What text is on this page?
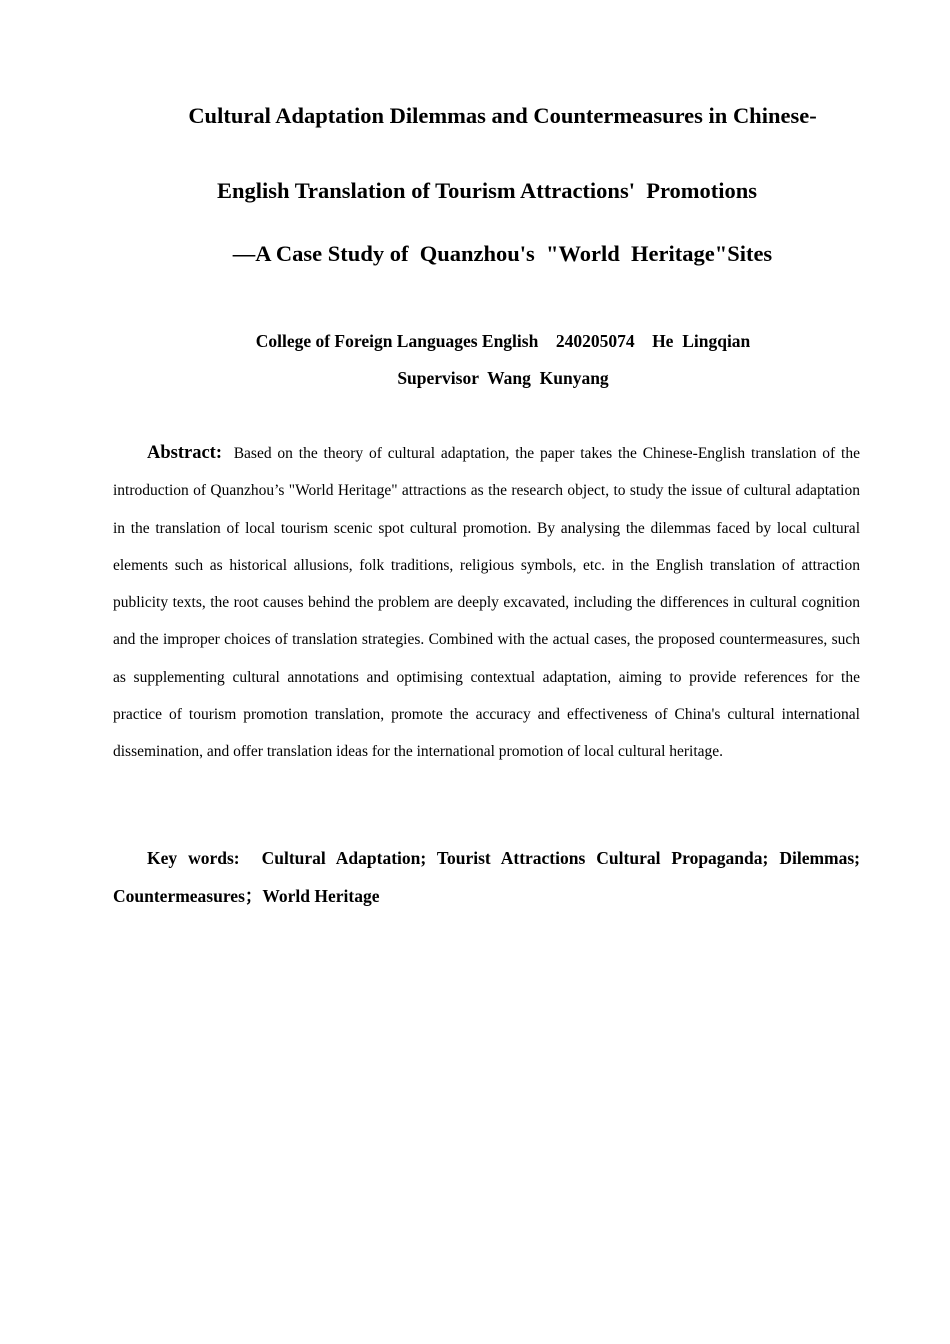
Cultural Adaptation Dilemmas and Countermeasures in Chinese-
English Translation of Tourism Attractions'  Promotions
—A Case Study of  Quanzhou's  "World  Heritage"Sites
College of Foreign Languages English    240205074    He  Lingqian
Supervisor  Wang  Kunyang

Abstract: Based on the theory of cultural adaptation, the paper takes the Chinese-English translation of the introduction of Quanzhou’s "World Heritage" attractions as the research object, to study the issue of cultural adaptation in the translation of local tourism scenic spot cultural promotion. By analysing the dilemmas faced by local cultural elements such as historical allusions, folk traditions, religious symbols, etc. in the English translation of attraction publicity texts, the root causes behind the problem are deeply excavated, including the differences in cultural cognition and the improper choices of translation strategies. Combined with the actual cases, the proposed countermeasures, such as supplementing cultural annotations and optimising contextual adaptation, aiming to provide references for the practice of tourism promotion translation, promote the accuracy and effectiveness of China's cultural international dissemination, and offer translation ideas for the international promotion of local cultural heritage.

Key words: Cultural Adaptation; Tourist Attractions Cultural Propaganda; Dilemmas; Countermeasures；World Heritage
